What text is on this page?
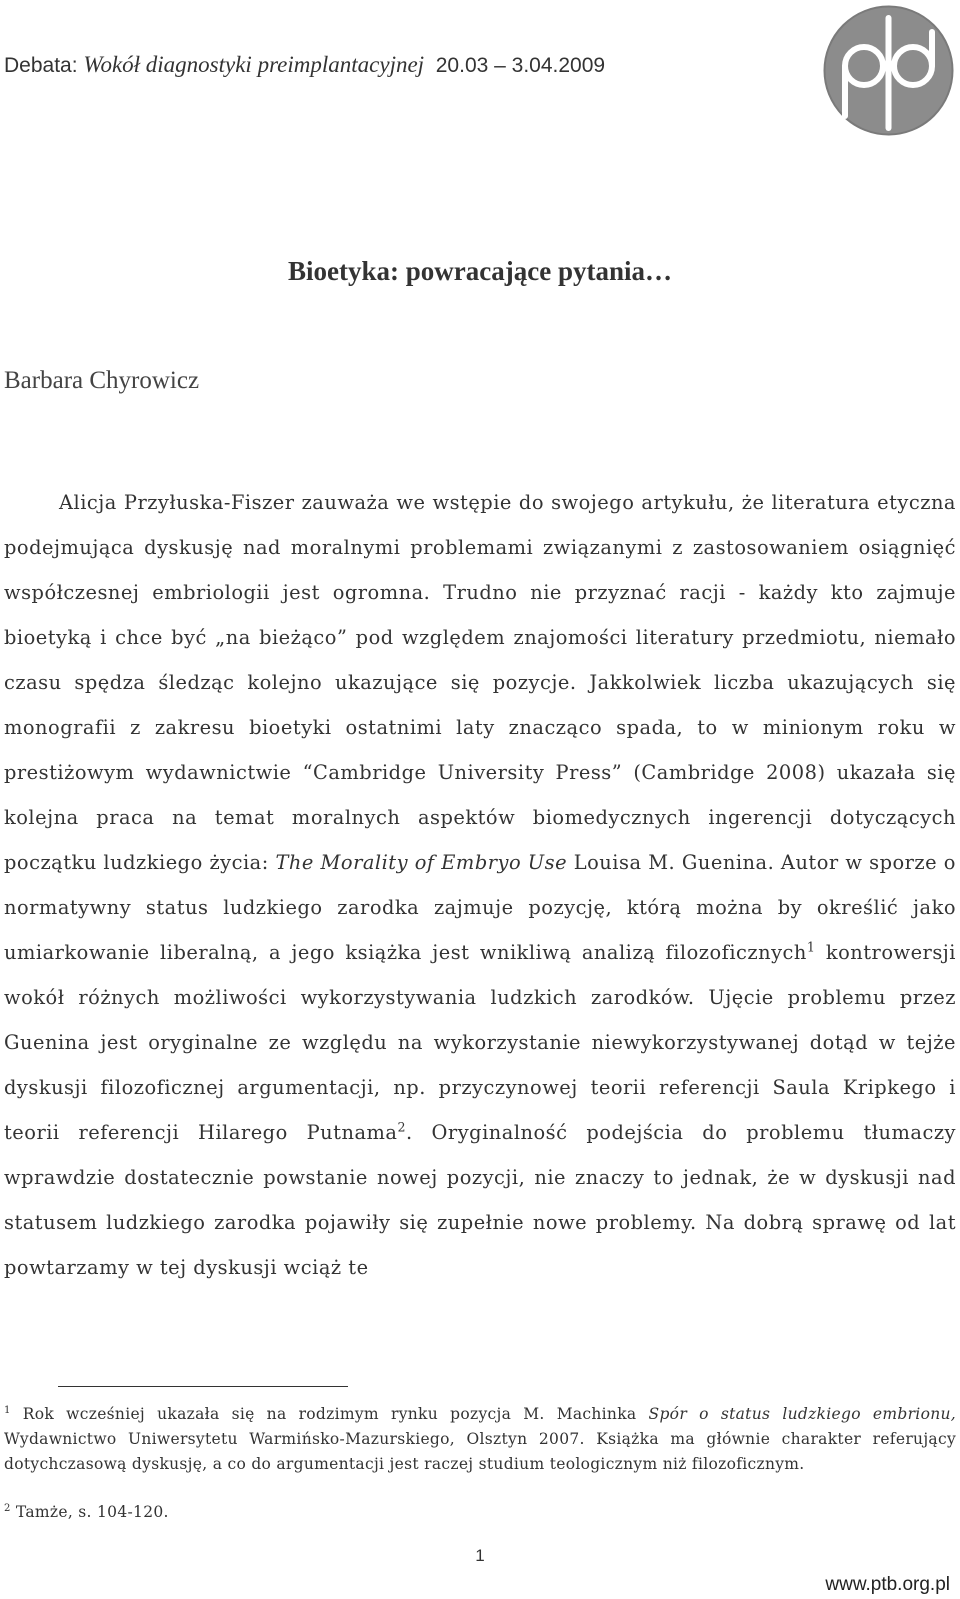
Debata: Wokół diagnostyki preimplantacyjnej 20.03 – 3.04.2009
Bioetyka: powracające pytania…
Barbara Chyrowicz
Alicja Przyłuska-Fiszer zauważa we wstępie do swojego artykułu, że literatura etyczna podejmująca dyskusję nad moralnymi problemami związanymi z zastosowaniem osiągnięć współczesnej embriologii jest ogromna. Trudno nie przyznać racji - każdy kto zajmuje bioetyką i chce być „na bieżąco” pod względem znajomości literatury przedmiotu, niemało czasu spędza śledząc kolejno ukazujące się pozycje. Jakkolwiek liczba ukazujących się monografii z zakresu bioetyki ostatnimi laty znacząco spada, to w minionym roku w prestiżowym wydawnictwie “Cambridge University Press” (Cambridge 2008) ukazała się kolejna praca na temat moralnych aspektów biomedycznych ingerencji dotyczących początku ludzkiego życia: The Morality of Embryo Use Louisa M. Guenina. Autor w sporze o normatywny status ludzkiego zarodka zajmuje pozycję, którą można by określić jako umiarkowanie liberalną, a jego książka jest wnikliwą analizą filozoficznych$^1$ kontrowersji wokół różnych możliwości wykorzystywania ludzkich zarodków. Ujęcie problemu przez Guenina jest oryginalne ze względu na wykorzystanie niewykorzystywanej dotąd w tejże dyskusji filozoficznej argumentacji, np. przyczynowej teorii referencji Saula Kripkego i teorii referencji Hilarego Putnama$^2$. Oryginalność podejścia do problemu tłumaczy wprawdzie dostatecznie powstanie nowej pozycji, nie znaczy to jednak, że w dyskusji nad statusem ludzkiego zarodka pojawiły się zupełnie nowe problemy. Na dobrą sprawę od lat powtarzamy w tej dyskusji wciąż te
$^1$ Rok wcześniej ukazała się na rodzimym rynku pozycja M. Machinka Spór o status ludzkiego embrionu, Wydawnictwo Uniwersytetu Warmińsko-Mazurskiego, Olsztyn 2007. Książka ma głównie charakter referujący dotychczasową dyskusję, a co do argumentacji jest raczej studium teologicznym niż filozoficznym.
$^2$ Tamże, s. 104-120.
1
www.ptb.org.pl
